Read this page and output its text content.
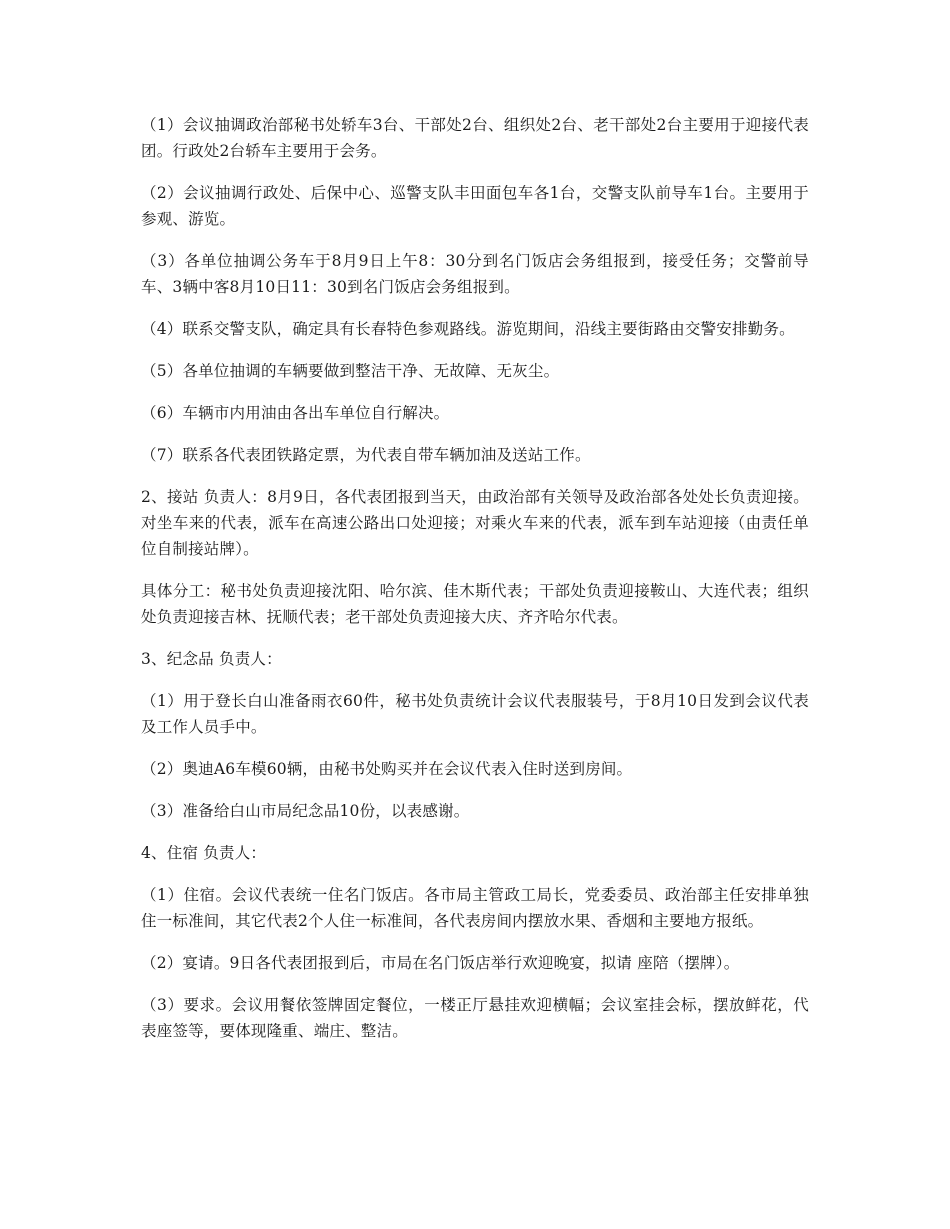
（1）会议抽调政治部秘书处轿车3台、干部处2台、组织处2台、老干部处2台主要用于迎接代表团。行政处2台轿车主要用于会务。

（2）会议抽调行政处、后保中心、巡警支队丰田面包车各1台，交警支队前导车1台。主要用于参观、游览。

（3）各单位抽调公务车于8月9日上午8：30分到名门饭店会务组报到，接受任务；交警前导车、3辆中客8月10日11：30到名门饭店会务组报到。

（4）联系交警支队，确定具有长春特色参观路线。游览期间，沿线主要街路由交警安排勤务。

（5）各单位抽调的车辆要做到整洁干净、无故障、无灰尘。

（6）车辆市内用油由各出车单位自行解决。

（7）联系各代表团铁路定票，为代表自带车辆加油及送站工作。

2、接站 负责人：8月9日，各代表团报到当天，由政治部有关领导及政治部各处处长负责迎接。对坐车来的代表，派车在高速公路出口处迎接；对乘火车来的代表，派车到车站迎接（由责任单位自制接站牌）。

具体分工：秘书处负责迎接沈阳、哈尔滨、佳木斯代表；干部处负责迎接鞍山、大连代表；组织处负责迎接吉林、抚顺代表；老干部处负责迎接大庆、齐齐哈尔代表。

3、纪念品 负责人：

（1）用于登长白山准备雨衣60件，秘书处负责统计会议代表服装号，于8月10日发到会议代表及工作人员手中。

（2）奥迪A6车模60辆，由秘书处购买并在会议代表入住时送到房间。

（3）准备给白山市局纪念品10份，以表感谢。

4、住宿 负责人：

（1）住宿。会议代表统一住名门饭店。各市局主管政工局长，党委委员、政治部主任安排单独住一标准间，其它代表2个人住一标准间，各代表房间内摆放水果、香烟和主要地方报纸。

（2）宴请。9日各代表团报到后，市局在名门饭店举行欢迎晚宴，拟请 座陪（摆牌）。

（3）要求。会议用餐依签牌固定餐位，一楼正厅悬挂欢迎横幅；会议室挂会标，摆放鲜花，代表座签等，要体现隆重、端庄、整洁。
